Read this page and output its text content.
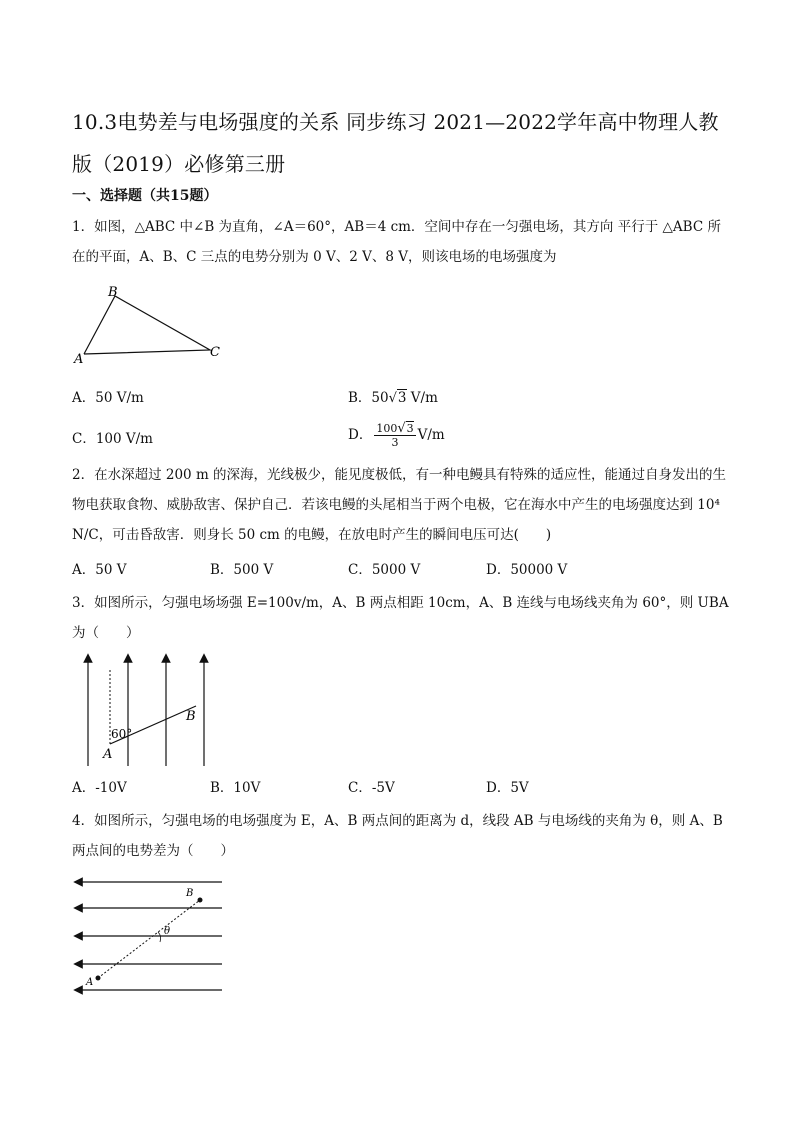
10.3电势差与电场强度的关系 同步练习 2021—2022学年高中物理人教版（2019）必修第三册
一、选择题（共15题）
1．如图，△ABC 中∠B 为直角，∠A＝60°，AB＝4 cm．空间中存在一匀强电场，其方向 平行于 △ABC 所在的平面，A、B、C 三点的电势分别为 0 V、2 V、8 V，则该电场的电场强度为
B
A	C
A．50 V/m	B．50√3 V/m
C．100 V/m	D． $\frac{100√3}{3} V/m$
2．在水深超过 200 m 的深海，光线极少，能见度极低，有一种电鳗具有特殊的适应性，能通过自身发出的生物电获取食物、威胁敌害、保护自己．若该电鳗的头尾相当于两个电极，它在海水中产生的电场强度达到 10⁴ N/C，可击昏敌害．则身长 50 cm 的电鳗，在放电时产生的瞬间电压可达(　　)
A．50 V	B．500 V	C．5000 V	D．50000 V
3．如图所示，匀强电场场强 E=100v/m，A、B 两点相距 10cm，A、B 连线与电场线夹角为 60°，则 UBA为（　　）
60°
A
B
A．-10V	B．10V	C．-5V	D．5V
4．如图所示，匀强电场的电场强度为 E，A、B 两点间的距离为 d，线段 AB 与电场线的夹角为 θ，则 A、B 两点间的电势差为（　　）
A
B
θ
